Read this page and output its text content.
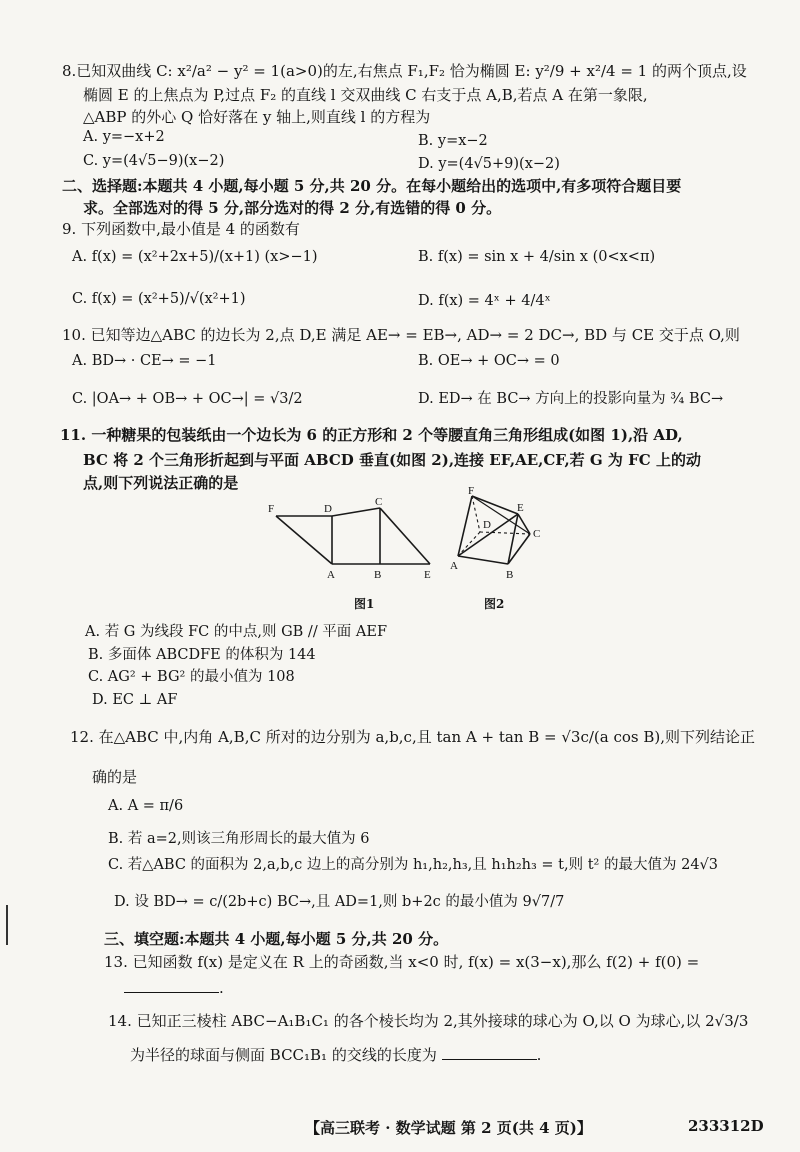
8.已知双曲线 C: x²/a² − y² = 1(a>0)的左,右焦点 F₁,F₂ 恰为椭圆 E: y²/9 + x²/4 = 1 的两个顶点,设
椭圆 E 的上焦点为 P,过点 F₂ 的直线 l 交双曲线 C 右支于点 A,B,若点 A 在第一象限,
△ABP 的外心 Q 恰好落在 y 轴上,则直线 l 的方程为
A. y=−x+2	B. y=x−2
C. y=(4√5−9)(x−2)	D. y=(4√5+9)(x−2)
二、选择题:本题共 4 小题,每小题 5 分,共 20 分。在每小题给出的选项中,有多项符合题目要
求。全部选对的得 5 分,部分选对的得 2 分,有选错的得 0 分。
9. 下列函数中,最小值是 4 的函数有
A. f(x) = (x²+2x+5)/(x+1) (x>−1)	B. f(x) = sin x + 4/sin x (0<x<π)
C. f(x) = (x²+5)/√(x²+1)	D. f(x) = 4ˣ + 4/4ˣ
10. 已知等边△ABC 的边长为 2,点 D,E 满足 AE→ = EB→, AD→ = 2 DC→, BD 与 CE 交于点 O,则
A. BD→ · CE→ = −1	B. OE→ + OC→ = 0
C. |OA→ + OB→ + OC→| = √3/2	D. ED→ 在 BC→ 方向上的投影向量为 ¾ BC→
11. 一种糖果的包装纸由一个边长为 6 的正方形和 2 个等腰直角三角形组成(如图 1),沿 AD,
BC 将 2 个三角形折起到与平面 ABCD 垂直(如图 2),连接 EF,AE,CF,若 G 为 FC 上的动
点,则下列说法正确的是
F	D
C
A	B	E
图1
F
D
E
C
A
B
图2
A. 若 G 为线段 FC 的中点,则 GB // 平面 AEF
B. 多面体 ABCDFE 的体积为 144
C. AG² + BG² 的最小值为 108
D. EC ⊥ AF
12. 在△ABC 中,内角 A,B,C 所对的边分别为 a,b,c,且 tan A + tan B = √3c/(a cos B),则下列结论正
确的是
A. A = π/6
B. 若 a=2,则该三角形周长的最大值为 6
C. 若△ABC 的面积为 2,a,b,c 边上的高分别为 h₁,h₂,h₃,且 h₁h₂h₃ = t,则 t² 的最大值为 24√3
D. 设 BD→ = c/(2b+c) BC→,且 AD=1,则 b+2c 的最小值为 9√7/7
三、填空题:本题共 4 小题,每小题 5 分,共 20 分。
13. 已知函数 f(x) 是定义在 R 上的奇函数,当 x<0 时, f(x) = x(3−x),那么 f(2) + f(0) =
.
14. 已知正三棱柱 ABC−A₁B₁C₁ 的各个棱长均为 2,其外接球的球心为 O,以 O 为球心,以 2√3/3
为半径的球面与侧面 BCC₁B₁ 的交线的长度为	.
【高三联考 · 数学试题 第 2 页(共 4 页)】	233312D
